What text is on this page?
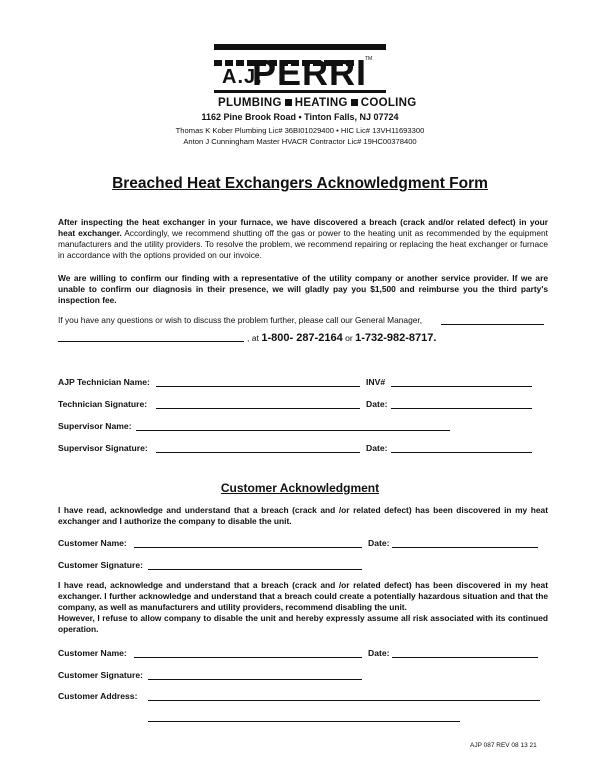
A.J.
PERRI
TM
PLUMBING HEATING COOLING
1162 Pine Brook Road • Tinton Falls, NJ 07724
Thomas K Kober Plumbing Lic# 36BI01029400 • HIC Lic# 13VH11693300
Anton J Cunningham Master HVACR Contractor Lic# 19HC00378400
Breached Heat Exchangers Acknowledgment Form
After inspecting the heat exchanger in your furnace, we have discovered a breach (crack and/or related defect) in your heat exchanger. Accordingly, we recommend shutting off the gas or power to the heating unit as recommended by the equipment manufacturers and the utility providers. To resolve the problem, we recommend repairing or replacing the heat exchanger or furnace in accordance with the options provided on our invoice.
We are willing to confirm our finding with a representative of the utility company or another service provider. If we are unable to confirm our diagnosis in their presence, we will gladly pay you $1,500 and reimburse you the third party's inspection fee.
If you have any questions or wish to discuss the problem further, please call our General Manager,
, at 1-800- 287-2164 or 1-732-982-8717.
AJP Technician Name:	INV#
Technician Signature:	Date:
Supervisor Name:
Supervisor Signature:	Date:
Customer Acknowledgment
I have read, acknowledge and understand that a breach (crack and /or related defect) has been discovered in my heat exchanger and I authorize the company to disable the unit.
Customer Name:	Date:
Customer Signature:
I have read, acknowledge and understand that a breach (crack and /or related defect) has been discovered in my heat exchanger. I further acknowledge and understand that a breach could create a potentially hazardous situation and that the company, as well as manufacturers and utility providers, recommend disabling the unit.
However, I refuse to allow company to disable the unit and hereby expressly assume all risk associated with its continued operation.
Customer Name:	Date:
Customer Signature:
Customer Address:
AJP 087 REV 08 13 21
